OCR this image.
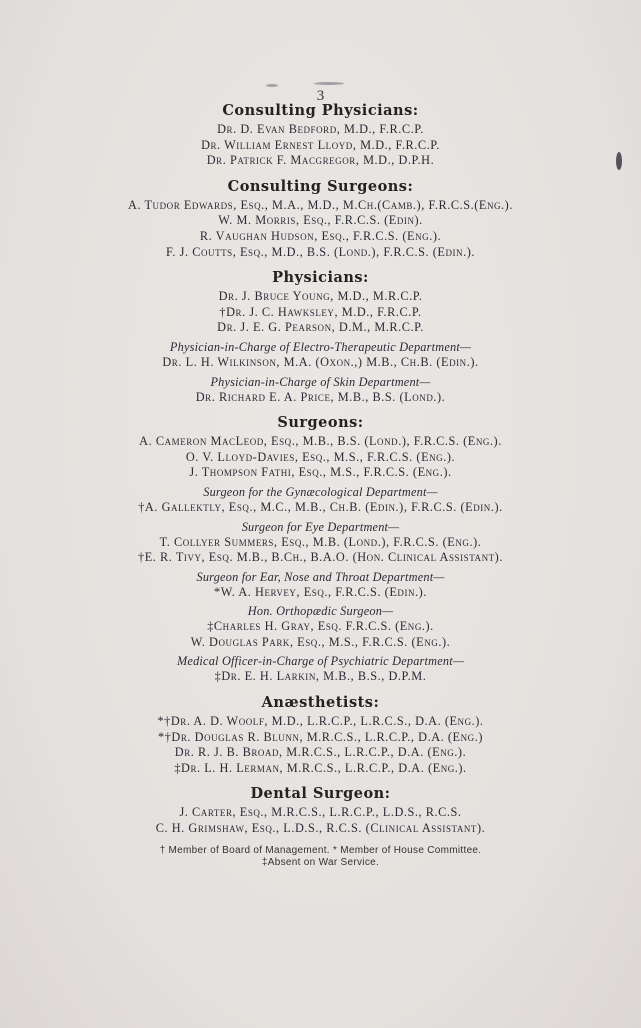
3
Consulting Physicians:
Dr. D. Evan Bedford, M.D., F.R.C.P.
Dr. William Ernest Lloyd, M.D., F.R.C.P.
Dr. Patrick F. Macgregor, M.D., D.P.H.
Consulting Surgeons:
A. Tudor Edwards, Esq., M.A., M.D., M.Ch.(Camb.), F.R.C.S.(Eng.).
W. M. Morris, Esq., F.R.C.S. (Edin).
R. Vaughan Hudson, Esq., F.R.C.S. (Eng.).
F. J. Coutts, Esq., M.D., B.S. (Lond.), F.R.C.S. (Edin.).
Physicians:
Dr. J. Bruce Young, M.D., M.R.C.P.
†Dr. J. C. Hawksley, M.D., F.R.C.P.
Dr. J. E. G. Pearson, D.M., M.R.C.P.
Physician-in-Charge of Electro-Therapeutic Department—
Dr. L. H. Wilkinson, M.A. (Oxon.,) M.B., Ch.B. (Edin.).
Physician-in-Charge of Skin Department—
Dr. Richard E. A. Price, M.B., B.S. (Lond.).
Surgeons:
A. Cameron MacLeod, Esq., M.B., B.S. (Lond.), F.R.C.S. (Eng.).
O. V. Lloyd-Davies, Esq., M.S., F.R.C.S. (Eng.).
J. Thompson Fathi, Esq., M.S., F.R.C.S. (Eng.).
Surgeon for the Gynæcological Department—
†A. Gallektly, Esq., M.C., M.B., Ch.B. (Edin.), F.R.C.S. (Edin.).
Surgeon for Eye Department—
T. Collyer Summers, Esq., M.B. (Lond.), F.R.C.S. (Eng.).
†E. R. Tivy, Esq. M.B., B.Ch., B.A.O. (Hon. Clinical Assistant).
Surgeon for Ear, Nose and Throat Department—
*W. A. Hervey, Esq., F.R.C.S. (Edin.).
Hon. Orthopædic Surgeon—
‡Charles H. Gray, Esq. F.R.C.S. (Eng.).
W. Douglas Park, Esq., M.S., F.R.C.S. (Eng.).
Medical Officer-in-Charge of Psychiatric Department—
‡Dr. E. H. Larkin, M.B., B.S., D.P.M.
Anæsthetists:
*†Dr. A. D. Woolf, M.D., L.R.C.P., L.R.C.S., D.A. (Eng.).
*†Dr. Douglas R. Blunn, M.R.C.S., L.R.C.P., D.A. (Eng.)
Dr. R. J. B. Broad, M.R.C.S., L.R.C.P., D.A. (Eng.).
‡Dr. L. H. Lerman, M.R.C.S., L.R.C.P., D.A. (Eng.).
Dental Surgeon:
J. Carter, Esq., M.R.C.S., L.R.C.P., L.D.S., R.C.S.
C. H. Grimshaw, Esq., L.D.S., R.C.S. (Clinical Assistant).
† Member of Board of Management. * Member of House Committee.
‡Absent on War Service.
